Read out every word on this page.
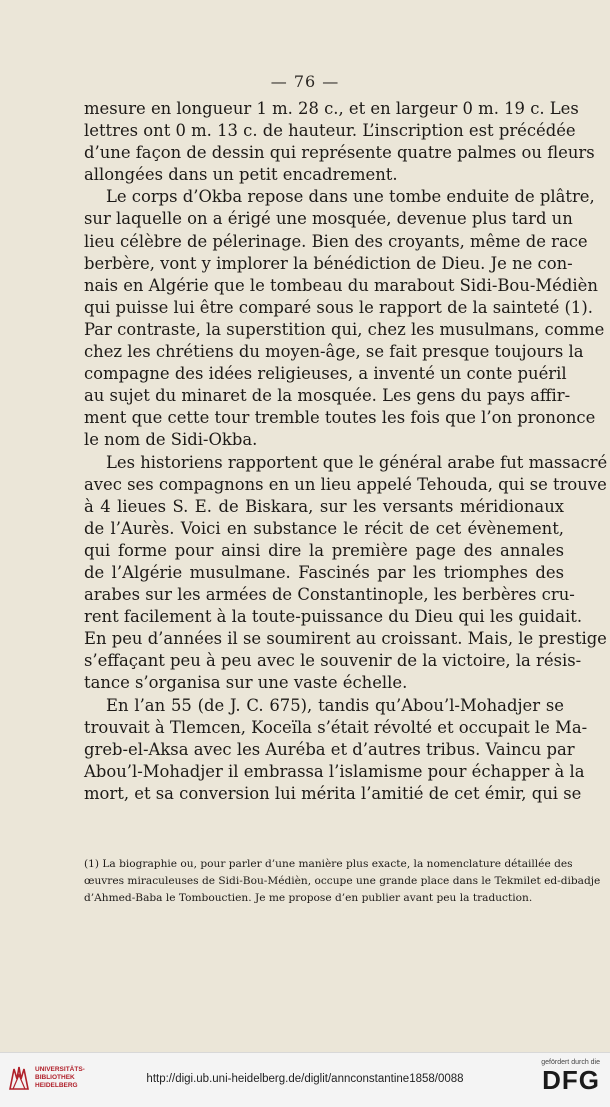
— 76 —
mesure en longueur 1 m. 28 c., et en largeur 0 m. 19 c. Les
lettres ont 0 m. 13 c. de hauteur. L’inscription est précédée
d’une façon de dessin qui représente quatre palmes ou fleurs
allongées dans un petit encadrement.
Le corps d’Okba repose dans une tombe enduite de plâtre,
sur laquelle on a érigé une mosquée, devenue plus tard un
lieu célèbre de pélerinage. Bien des croyants, même de race
berbère, vont y implorer la bénédiction de Dieu. Je ne con-
nais en Algérie que le tombeau du marabout Sidi-Bou-Médièn
qui puisse lui être comparé sous le rapport de la sainteté (1).
Par contraste, la superstition qui, chez les musulmans, comme
chez les chrétiens du moyen-âge, se fait presque toujours la
compagne des idées religieuses, a inventé un conte puéril
au sujet du minaret de la mosquée. Les gens du pays affir-
ment que cette tour tremble toutes les fois que l’on prononce
le nom de Sidi-Okba.
Les historiens rapportent que le général arabe fut massacré
avec ses compagnons en un lieu appelé Tehouda, qui se trouve
à 4 lieues S. E. de Biskara, sur les versants méridionaux
de l’Aurès. Voici en substance le récit de cet évènement,
qui forme pour ainsi dire la première page des annales
de l’Algérie musulmane. Fascinés par les triomphes des
arabes sur les armées de Constantinople, les berbères cru-
rent facilement à la toute-puissance du Dieu qui les guidait.
En peu d’années il se soumirent au croissant. Mais, le prestige
s’effaçant peu à peu avec le souvenir de la victoire, la résis-
tance s’organisa sur une vaste échelle.
En l’an 55 (de J. C. 675), tandis qu’Abou’l-Mohadjer se
trouvait à Tlemcen, Koceïla s’était révolté et occupait le Ma-
greb-el-Aksa avec les Auréba et d’autres tribus. Vaincu par
Abou’l-Mohadjer il embrassa l’islamisme pour échapper à la
mort, et sa conversion lui mérita l’amitié de cet émir, qui se
(1) La biographie ou, pour parler d’une manière plus exacte, la nomenclature détaillée des
œuvres miraculeuses de Sidi-Bou-Médièn, occupe une grande place dans le Tekmilet ed-dibadje
d’Ahmed-Baba le Tombouctien. Je me propose d’en publier avant peu la traduction.
UNIVERSITÄTS-
BIBLIOTHEK
HEIDELBERG
http://digi.ub.uni-heidelberg.de/diglit/annconstantine1858/0088
gefördert durch die
DFG
